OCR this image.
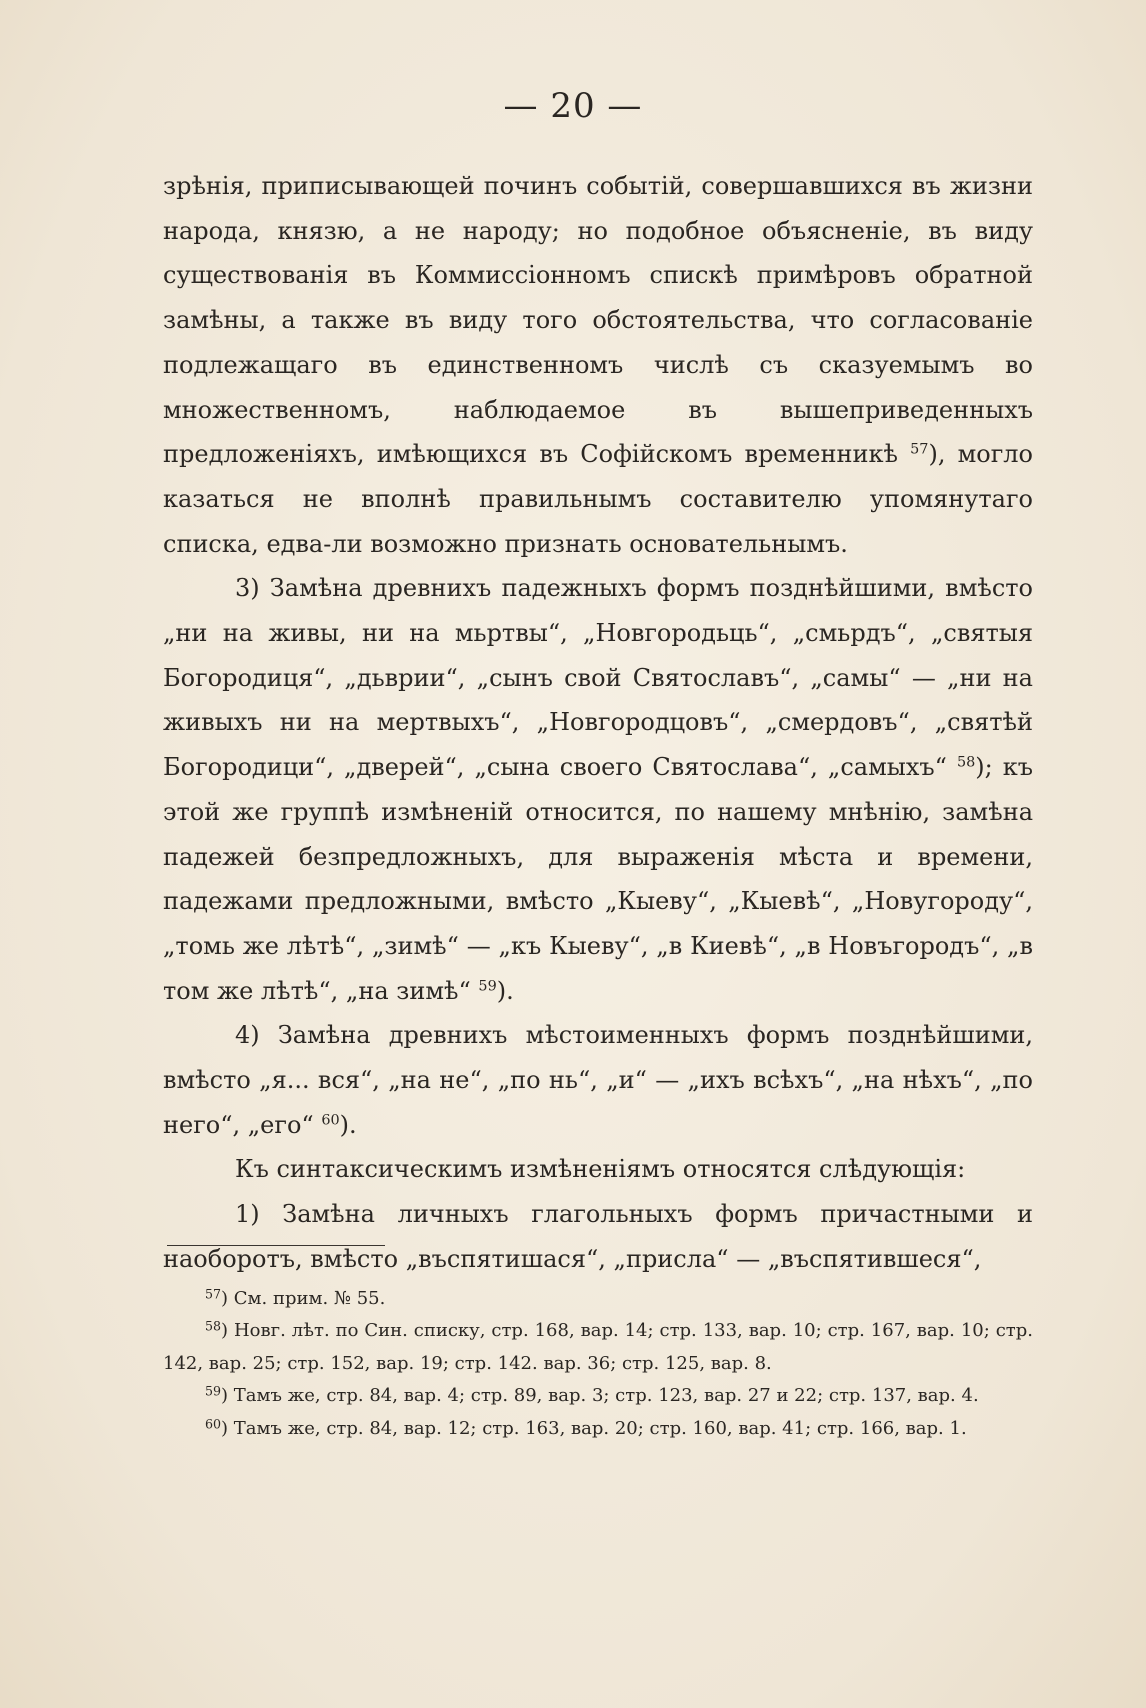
— 20 —

зрѣнія, приписывающей починъ событій, совершавшихся въ жизни народа, князю, а не народу; но подобное объясненіе, въ виду существованія въ Коммиссіонномъ спискѣ примѣровъ обратной замѣны, а также въ виду того обстоятельства, что согласованіе подлежащаго въ единственномъ числѣ съ сказуемымъ во множественномъ, наблюдаемое въ вышеприведенныхъ предложеніяхъ, имѣющихся въ Софійскомъ временникѣ $^{57}$), могло казаться не вполнѣ правильнымъ составителю упомянутаго списка, едва-ли возможно признать основательнымъ.

3) Замѣна древнихъ падежныхъ формъ позднѣйшими, вмѣсто „ни на живы, ни на мьртвы“, „Новгородьць“, „смьрдъ“, „святыя Богородиця“, „дьврии“, „сынъ свой Святославъ“, „самы“ — „ни на живыхъ ни на мертвыхъ“, „Новгородцовъ“, „смердовъ“, „святѣй Богородици“, „дверей“, „сына своего Святослава“, „самыхъ“ $^{58}$); къ этой же группѣ измѣненій относится, по нашему мнѣнію, замѣна падежей безпредложныхъ, для выраженія мѣста и времени, падежами предложными, вмѣсто „Кыеву“, „Кыевѣ“, „Новугороду“, „томь же лѣтѣ“, „зимѣ“ — „къ Кыеву“, „в Киевѣ“, „в Новъгородъ“, „в том же лѣтѣ“, „на зимѣ“ $^{59}$).

4) Замѣна древнихъ мѣстоименныхъ формъ позднѣйшими, вмѣсто „я... вся“, „на не“, „по нь“, „и“ — „ихъ всѣхъ“, „на нѣхъ“, „по него“, „его“ $^{60}$).

Къ синтаксическимъ измѣненіямъ относятся слѣдующія:

1) Замѣна личныхъ глагольныхъ формъ причастными и наоборотъ, вмѣсто „въспятишася“, „присла“ — „въспятившеся“,

$^{57}$) См. прим. № 55.

$^{58}$) Новг. лѣт. по Син. списку, стр. 168, вар. 14; стр. 133, вар. 10; стр. 167, вар. 10; стр. 142, вар. 25; стр. 152, вар. 19; стр. 142. вар. 36; стр. 125, вар. 8.

$^{59}$) Тамъ же, стр. 84, вар. 4; стр. 89, вар. 3; стр. 123, вар. 27 и 22; стр. 137, вар. 4.

$^{60}$) Тамъ же, стр. 84, вар. 12; стр. 163, вар. 20; стр. 160, вар. 41; стр. 166, вар. 1.
